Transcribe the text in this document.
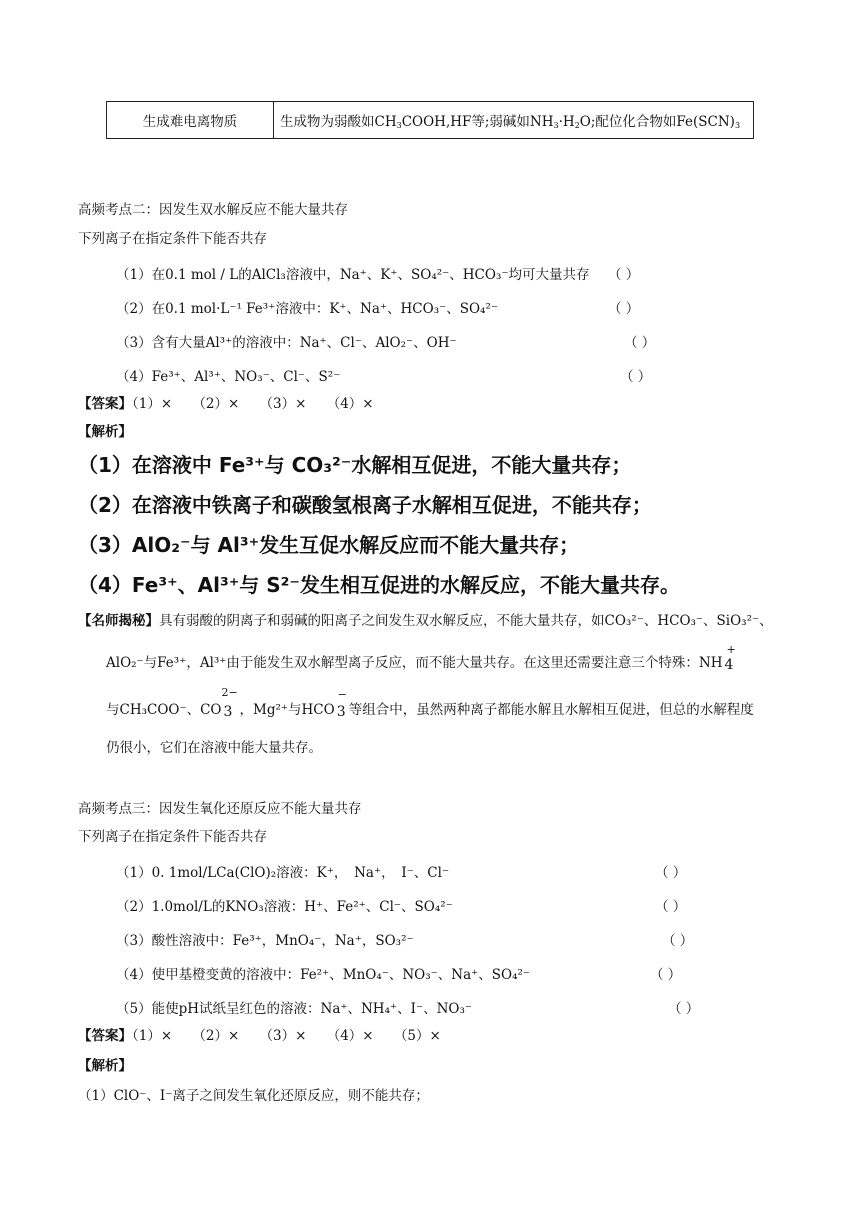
生成难电离物质	生成物为弱酸如$CH_3COOH,HF$等;弱碱如$NH_3\cdot H_2O$;配位化合物如$Fe(SCN)_3$
高频考点二：因发生双水解反应不能大量共存
下列离子在指定条件下能否共存
（1）在0.1 mol / L的AlCl₃溶液中，Na⁺、K⁺、SO₄²⁻、HCO₃⁻均可大量共存 （ ）
（2）在0.1 mol·L⁻¹ Fe³⁺溶液中：K⁺、Na⁺、HCO₃⁻、SO₄²⁻	（ ）
（3）含有大量Al³⁺的溶液中：Na⁺、Cl⁻、AlO₂⁻、OH⁻	（ ）
（4）Fe³⁺、Al³⁺、NO₃⁻、Cl⁻、S²⁻	（ ）
【答案】（1）×　　（2）×　　（3）×　　（4）×
【解析】
（1）在溶液中 Fe³⁺与 CO₃²⁻水解相互促进，不能大量共存；
（2）在溶液中铁离子和碳酸氢根离子水解相互促进，不能共存；
（3）AlO₂⁻与 Al³⁺发生互促水解反应而不能大量共存；
（4）Fe³⁺、Al³⁺与 S²⁻发生相互促进的水解反应，不能大量共存。
【名师揭秘】具有弱酸的阴离子和弱碱的阳离子之间发生双水解反应，不能大量共存，如CO₃²⁻、HCO₃⁻、SiO₃²⁻、
AlO₂⁻与Fe³⁺，Al³⁺由于能发生双水解型离子反应，而不能大量共存。在这里还需要注意三个特殊：NH
+
4
与CH₃COO⁻、CO
2−
3 ，Mg²⁺与HCO
−
3 等组合中，虽然两种离子都能水解且水解相互促进，但总的水解程度
仍很小，它们在溶液中能大量共存。
高频考点三：因发生氧化还原反应不能大量共存
下列离子在指定条件下能否共存
（1）0. 1mol/LCa(ClO)₂溶液：K⁺，　Na⁺，　I⁻、Cl⁻	（ ）
（2）1.0mol/L的KNO₃溶液：H⁺、Fe²⁺、Cl⁻、SO₄²⁻	（ ）
（3）酸性溶液中：Fe³⁺，MnO₄⁻，Na⁺，SO₃²⁻	（ ）
（4）使甲基橙变黄的溶液中：Fe²⁺、MnO₄⁻、NO₃⁻、Na⁺、SO₄²⁻	（ ）
（5）能使pH试纸呈红色的溶液：Na⁺、NH₄⁺、I⁻、NO₃⁻	（ ）
【答案】（1）×　　（2）×　　（3）×　　（4）×　　（5）×
【解析】
（1）ClO⁻、I⁻离子之间发生氧化还原反应，则不能共存；
